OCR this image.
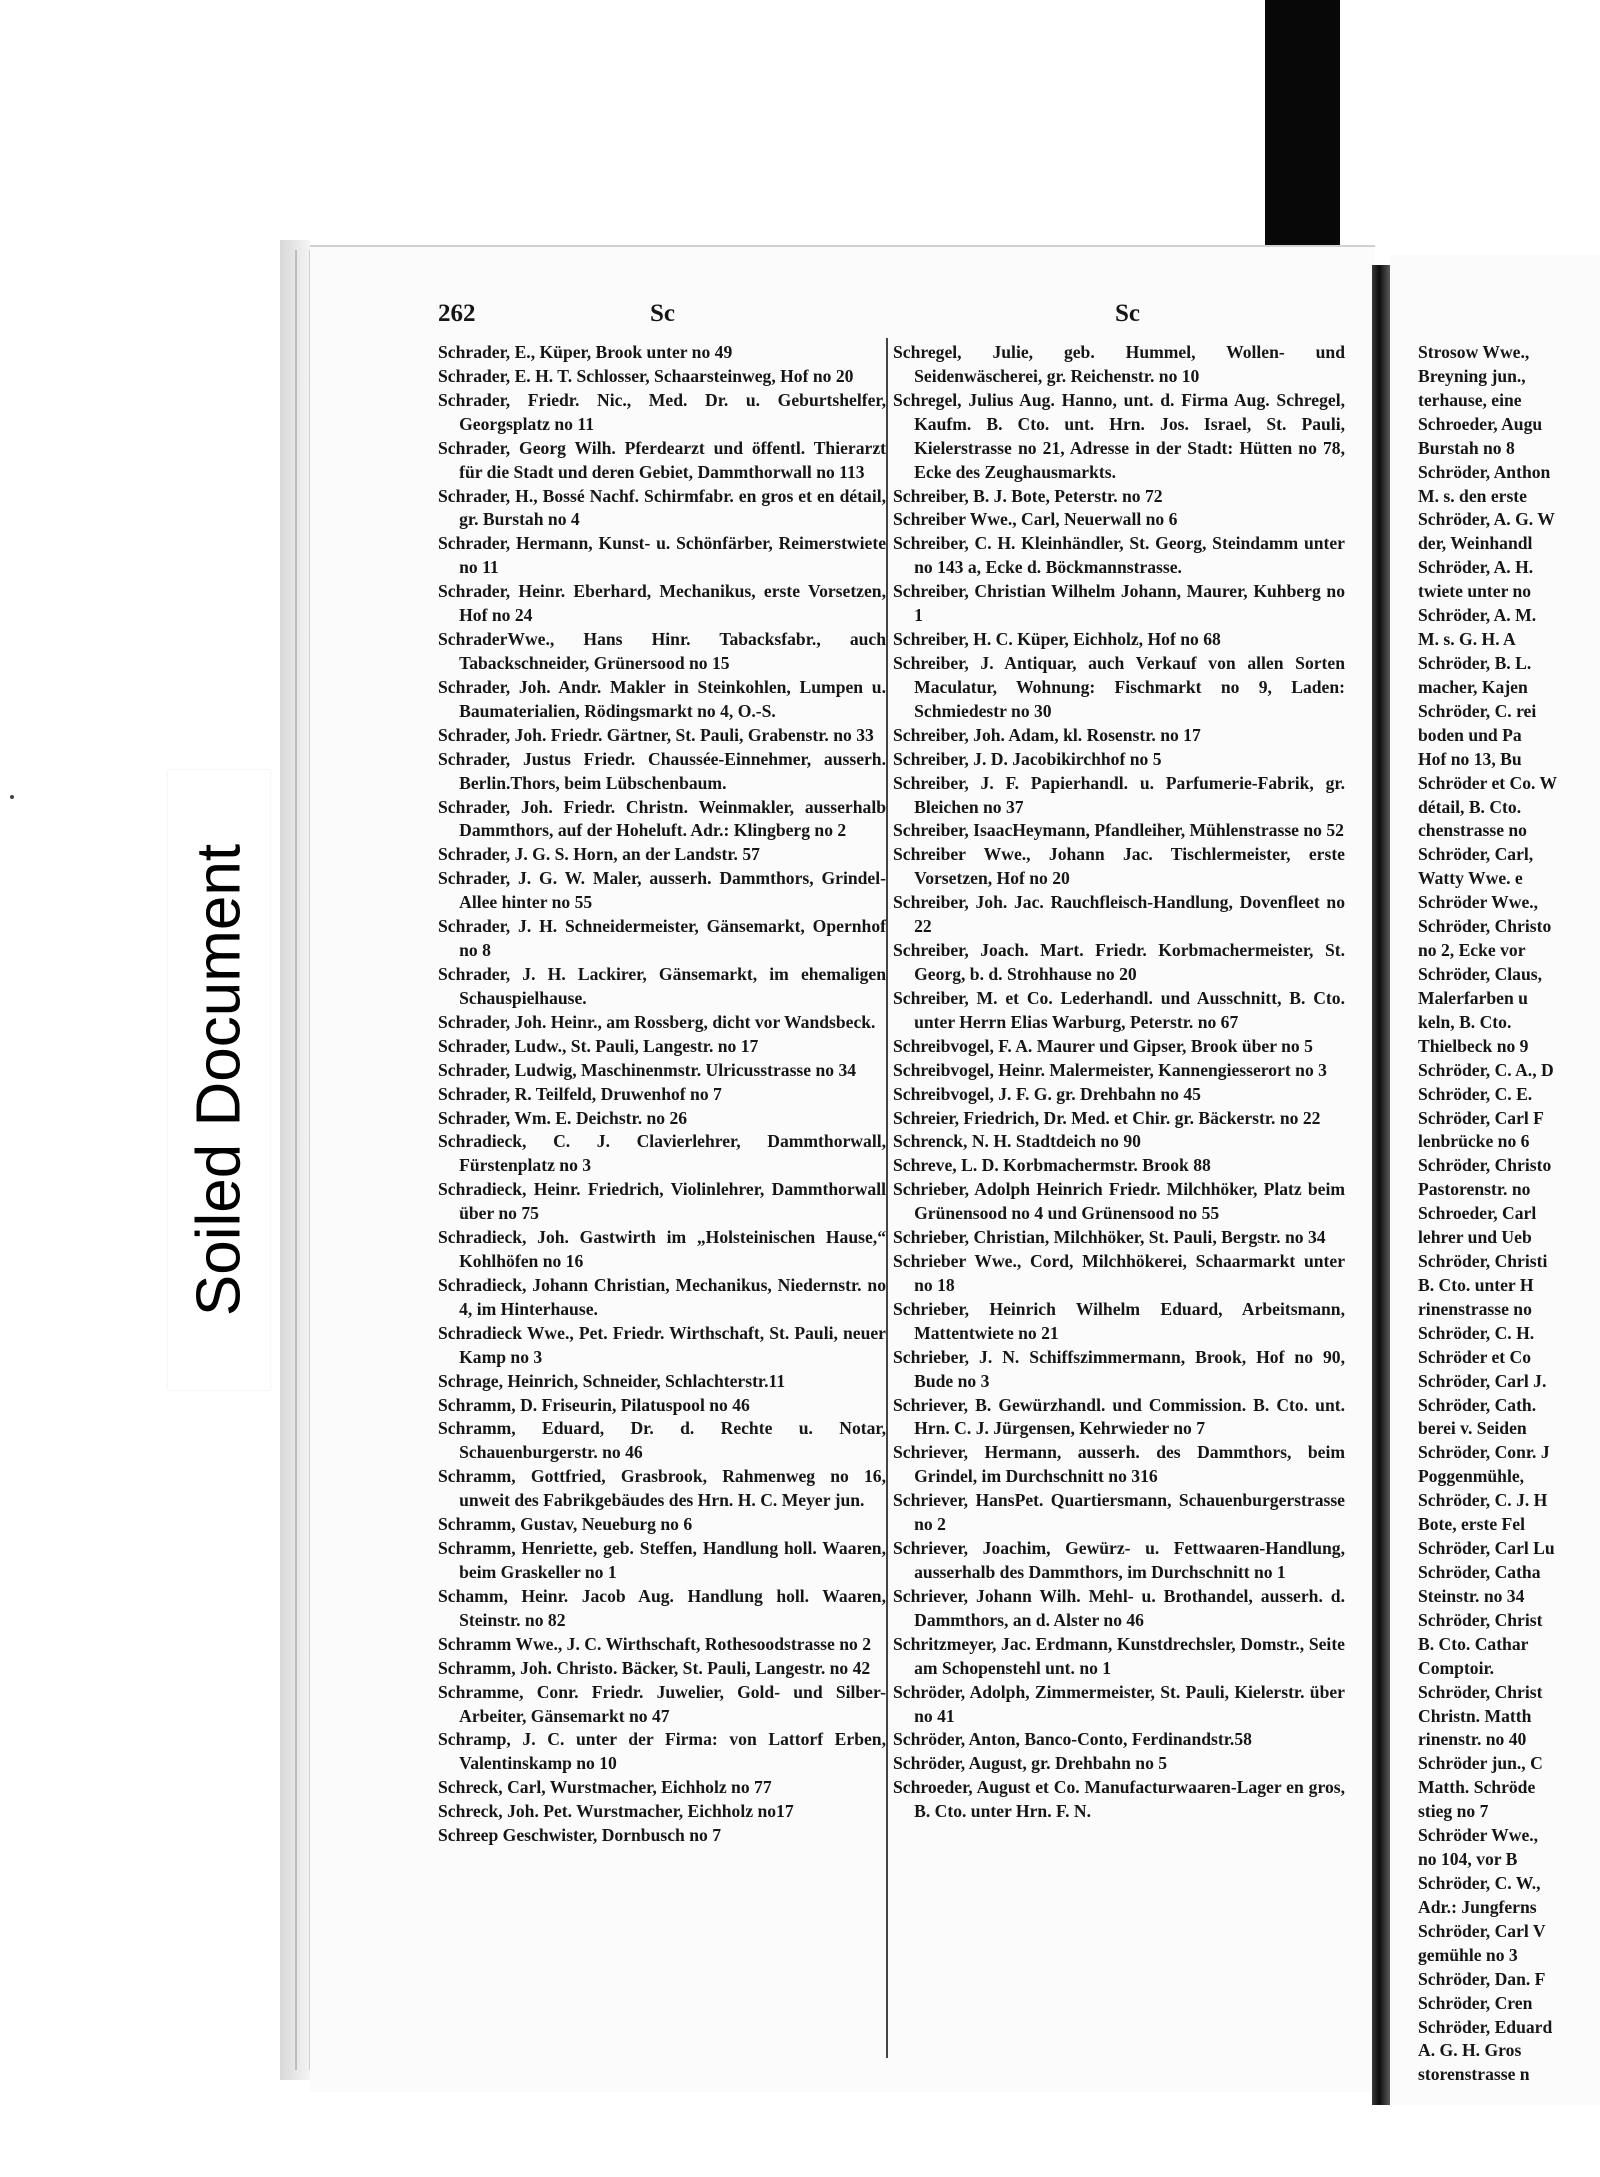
Soiled Document
262	Sc	Sc
Schrader, E., Küper, Brook unter no 49
Schrader, E. H. T. Schlosser, Schaarsteinweg, Hof no 20
Schrader, Friedr. Nic., Med. Dr. u. Geburtshelfer, Georgsplatz no 11
Schrader, Georg Wilh. Pferdearzt und öffentl. Thierarzt für die Stadt und deren Gebiet, Dammthorwall no 113
Schrader, H., Bossé Nachf. Schirmfabr. en gros et en détail, gr. Burstah no 4
Schrader, Hermann, Kunst- u. Schönfärber, Reimerstwiete no 11
Schrader, Heinr. Eberhard, Mechanikus, erste Vorsetzen, Hof no 24
SchraderWwe., Hans Hinr. Tabacksfabr., auch Tabackschneider, Grünersood no 15
Schrader, Joh. Andr. Makler in Steinkohlen, Lumpen u. Baumaterialien, Rödingsmarkt no 4, O.-S.
Schrader, Joh. Friedr. Gärtner, St. Pauli, Grabenstr. no 33
Schrader, Justus Friedr. Chaussée-Einnehmer, ausserh. Berlin.Thors, beim Lübschenbaum.
Schrader, Joh. Friedr. Christn. Weinmakler, ausserhalb Dammthors, auf der Hoheluft. Adr.: Klingberg no 2
Schrader, J. G. S. Horn, an der Landstr. 57
Schrader, J. G. W. Maler, ausserh. Dammthors, Grindel-Allee hinter no 55
Schrader, J. H. Schneidermeister, Gänsemarkt, Opernhof no 8
Schrader, J. H. Lackirer, Gänsemarkt, im ehemaligen Schauspielhause.
Schrader, Joh. Heinr., am Rossberg, dicht vor Wandsbeck.
Schrader, Ludw., St. Pauli, Langestr. no 17
Schrader, Ludwig, Maschinenmstr. Ulricusstrasse no 34
Schrader, R. Teilfeld, Druwenhof no 7
Schrader, Wm. E. Deichstr. no 26
Schradieck, C. J. Clavierlehrer, Dammthorwall, Fürstenplatz no 3
Schradieck, Heinr. Friedrich, Violinlehrer, Dammthorwall über no 75
Schradieck, Joh. Gastwirth im „Holsteinischen Hause,“ Kohlhöfen no 16
Schradieck, Johann Christian, Mechanikus, Niedernstr. no 4, im Hinterhause.
Schradieck Wwe., Pet. Friedr. Wirthschaft, St. Pauli, neuer Kamp no 3
Schrage, Heinrich, Schneider, Schlachterstr.11
Schramm, D. Friseurin, Pilatuspool no 46
Schramm, Eduard, Dr. d. Rechte u. Notar, Schauenburgerstr. no 46
Schramm, Gottfried, Grasbrook, Rahmenweg no 16, unweit des Fabrikgebäudes des Hrn. H. C. Meyer jun.
Schramm, Gustav, Neueburg no 6
Schramm, Henriette, geb. Steffen, Handlung holl. Waaren, beim Graskeller no 1
Schamm, Heinr. Jacob Aug. Handlung holl. Waaren, Steinstr. no 82
Schramm Wwe., J. C. Wirthschaft, Rothesoodstrasse no 2
Schramm, Joh. Christo. Bäcker, St. Pauli, Langestr. no 42
Schramme, Conr. Friedr. Juwelier, Gold- und Silber-Arbeiter, Gänsemarkt no 47
Schramp, J. C. unter der Firma: von Lattorf Erben, Valentinskamp no 10
Schreck, Carl, Wurstmacher, Eichholz no 77
Schreck, Joh. Pet. Wurstmacher, Eichholz no17
Schreep Geschwister, Dornbusch no 7
Schregel, Julie, geb. Hummel, Wollen- und Seidenwäscherei, gr. Reichenstr. no 10
Schregel, Julius Aug. Hanno, unt. d. Firma Aug. Schregel, Kaufm. B. Cto. unt. Hrn. Jos. Israel, St. Pauli, Kielerstrasse no 21, Adresse in der Stadt: Hütten no 78, Ecke des Zeughausmarkts.
Schreiber, B. J. Bote, Peterstr. no 72
Schreiber Wwe., Carl, Neuerwall no 6
Schreiber, C. H. Kleinhändler, St. Georg, Steindamm unter no 143 a, Ecke d. Böckmannstrasse.
Schreiber, Christian Wilhelm Johann, Maurer, Kuhberg no 1
Schreiber, H. C. Küper, Eichholz, Hof no 68
Schreiber, J. Antiquar, auch Verkauf von allen Sorten Maculatur, Wohnung: Fischmarkt no 9, Laden: Schmiedestr no 30
Schreiber, Joh. Adam, kl. Rosenstr. no 17
Schreiber, J. D. Jacobikirchhof no 5
Schreiber, J. F. Papierhandl. u. Parfumerie-Fabrik, gr. Bleichen no 37
Schreiber, IsaacHeymann, Pfandleiher, Mühlenstrasse no 52
Schreiber Wwe., Johann Jac. Tischlermeister, erste Vorsetzen, Hof no 20
Schreiber, Joh. Jac. Rauchfleisch-Handlung, Dovenfleet no 22
Schreiber, Joach. Mart. Friedr. Korbmachermeister, St. Georg, b. d. Strohhause no 20
Schreiber, M. et Co. Lederhandl. und Ausschnitt, B. Cto. unter Herrn Elias Warburg, Peterstr. no 67
Schreibvogel, F. A. Maurer und Gipser, Brook über no 5
Schreibvogel, Heinr. Malermeister, Kannengiesserort no 3
Schreibvogel, J. F. G. gr. Drehbahn no 45
Schreier, Friedrich, Dr. Med. et Chir. gr. Bäckerstr. no 22
Schrenck, N. H. Stadtdeich no 90
Schreve, L. D. Korbmachermstr. Brook 88
Schrieber, Adolph Heinrich Friedr. Milchhöker, Platz beim Grünensood no 4 und Grünensood no 55
Schrieber, Christian, Milchhöker, St. Pauli, Bergstr. no 34
Schrieber Wwe., Cord, Milchhökerei, Schaarmarkt unter no 18
Schrieber, Heinrich Wilhelm Eduard, Arbeitsmann, Mattentwiete no 21
Schrieber, J. N. Schiffszimmermann, Brook, Hof no 90, Bude no 3
Schriever, B. Gewürzhandl. und Commission. B. Cto. unt. Hrn. C. J. Jürgensen, Kehrwieder no 7
Schriever, Hermann, ausserh. des Dammthors, beim Grindel, im Durchschnitt no 316
Schriever, HansPet. Quartiersmann, Schauenburgerstrasse no 2
Schriever, Joachim, Gewürz- u. Fettwaaren-Handlung, ausserhalb des Dammthors, im Durchschnitt no 1
Schriever, Johann Wilh. Mehl- u. Brothandel, ausserh. d. Dammthors, an d. Alster no 46
Schritzmeyer, Jac. Erdmann, Kunstdrechsler, Domstr., Seite am Schopenstehl unt. no 1
Schröder, Adolph, Zimmermeister, St. Pauli, Kielerstr. über no 41
Schröder, Anton, Banco-Conto, Ferdinandstr.58
Schröder, August, gr. Drehbahn no 5
Schroeder, August et Co. Manufacturwaaren-Lager en gros, B. Cto. unter Hrn. F. N.
Strosow Wwe.,
Breyning jun.,
terhause, eine
Schroeder, Augu
Burstah no 8
Schröder, Anthon
M. s. den erste
Schröder, A. G. W
der, Weinhandl
Schröder, A. H.
twiete unter no
Schröder, A. M.
M. s. G. H. A
Schröder, B. L.
macher, Kajen
Schröder, C. rei
boden und Pa
Hof no 13, Bu
Schröder et Co. W
détail, B. Cto.
chenstrasse no
Schröder, Carl,
Watty Wwe. e
Schröder Wwe.,
Schröder, Christo
no 2, Ecke vor
Schröder, Claus,
Malerfarben u
keln, B. Cto.
Thielbeck no 9
Schröder, C. A., D
Schröder, C. E.
Schröder, Carl F
lenbrücke no 6
Schröder, Christo
Pastorenstr. no
Schroeder, Carl
lehrer und Ueb
Schröder, Christi
B. Cto. unter H
rinenstrasse no
Schröder, C. H.
Schröder et Co
Schröder, Carl J.
Schröder, Cath.
berei v. Seiden
Schröder, Conr. J
Poggenmühle,
Schröder, C. J. H
Bote, erste Fel
Schröder, Carl Lu
Schröder, Catha
Steinstr. no 34
Schröder, Christ
B. Cto. Cathar
Comptoir.
Schröder, Christ
Christn. Matth
rinenstr. no 40
Schröder jun., C
Matth. Schröde
stieg no 7
Schröder Wwe.,
no 104, vor B
Schröder, C. W.,
Adr.: Jungferns
Schröder, Carl V
gemühle no 3
Schröder, Dan. F
Schröder, Cren
Schröder, Eduard
A. G. H. Gros
storenstrasse n
